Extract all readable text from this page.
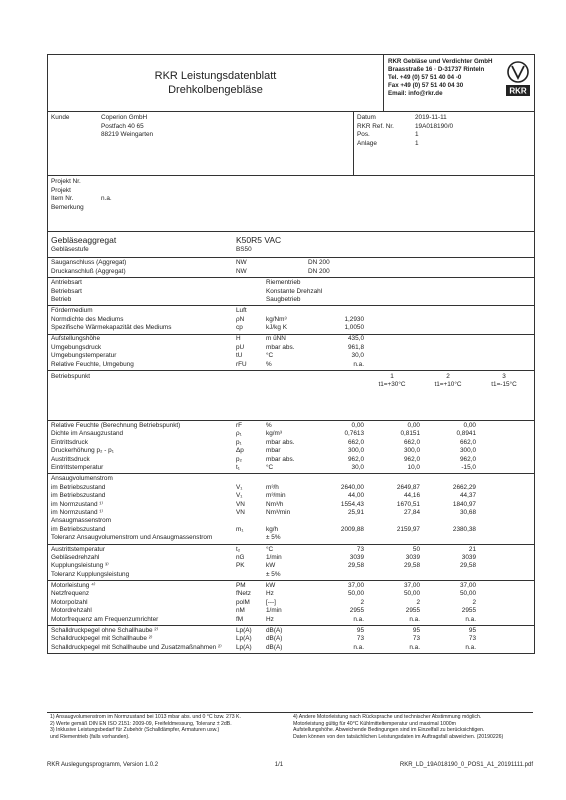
RKR Leistungsdatenblatt
Drehkolbengebläse
RKR Gebläse und Verdichter GmbH
Braasstraße 16 · D-31737 Rinteln
Tel. +49 (0) 57 51 40 04 -0
Fax +49 (0) 57 51 40 04 30
Email: info@rkr.de	RKR
Kunde	Coperion GmbH
Postfach 40 65
88219 Weingarten
Datum	2019-11-11
RKR Ref. Nr.	19A018190/0
Pos.	1
Anlage	1
Projekt Nr.
Projekt
Item Nr.	n.a.
Bemerkung
Gebläseaggregat	K50R5 VAC
Gebläsestufe	BS50
Sauganschluss (Aggregat)	NW	DN 200
Druckanschluß (Aggregat)	NW	DN 200
Antriebsart	Riementrieb
Betriebsart	Konstante Drehzahl
Betrieb	Saugbetrieb
Fördermedium	Luft
Normdichte des Mediums	ρN	kg/Nm³	1,2930
Spezifische Wärmekapazität des Mediums	cp	kJ/kg K	1,0050
Aufstellungshöhe	H	m üNN	435,0
Umgebungsdruck	pU	mbar abs.	961,8
Umgebungstemperatur	tU	°C	30,0
Relative Feuchte, Umgebung	rFU	%	n.a.
Betriebspunkt	1	2	3
t1=+30°C	t1=+10°C	t1=-15°C
Relative Feuchte (Berechnung Betriebspunkt)	rF	%	0,00	0,00	0,00
Dichte im Ansaugzustand	ρ₁	kg/m³	0,7613	0,8151	0,8941
Eintrittsdruck	p₁	mbar abs.	662,0	662,0	662,0
Druckerhöhung p₂ - p₁	Δp	mbar	300,0	300,0	300,0
Austrittsdruck	p₂	mbar abs.	962,0	962,0	962,0
Eintrittstemperatur	t₁	°C	30,0	10,0	-15,0
Ansaugvolumenstrom
im Betriebszustand	V₁	m³/h	2640,00	2649,87	2662,29
im Betriebszustand	V₁	m³/min	44,00	44,16	44,37
im Normzustand ¹⁾	VN	Nm³/h	1554,43	1670,51	1840,97
im Normzustand ¹⁾	VN	Nm³/min	25,91	27,84	30,68
Ansaugmassenstrom
im Betriebszustand	m₁	kg/h	2009,88	2159,97	2380,38
Toleranz Ansaugvolumenstrom und Ansaugmassenstrom	± 5%
Austrittstemperatur	t₂	°C	73	50	21
Gebläsedrehzahl	nG	1/min	3039	3039	3039
Kupplungsleistung ³⁾	PK	kW	29,58	29,58	29,58
Toleranz Kupplungsleistung	± 5%
Motorleistung ⁴⁾	PM	kW	37,00	37,00	37,00
Netzfrequenz	fNetz	Hz	50,00	50,00	50,00
Motorpolzahl	polM	[---]	2	2	2
Motordrehzahl	nM	1/min	2955	2955	2955
Motorfrequenz am Frequenzumrichter	fM	Hz	n.a.	n.a.	n.a.
Schalldruckpegel ohne Schallhaube ²⁾	Lp(A)	dB(A)	95	95	95
Schalldruckpegel mit Schallhaube ²⁾	Lp(A)	dB(A)	73	73	73
Schalldruckpegel mit Schallhaube und Zusatzmaßnahmen ²⁾	Lp(A)	dB(A)	n.a.	n.a.	n.a.
1) Ansaugvolumenstrom im Normzustand bei 1013 mbar abs. und 0 °C bzw. 273 K.
2) Werte gemäß DIN EN ISO 2151: 2009-09, Freifeldmessung, Toleranz ± 2dB.
3) Inklusive Leistungsbedarf für Zubehör (Schalldämpfer, Armaturen usw.)
und Riementrieb (falls vorhanden).
4) Andere Motorleistung nach Rücksprache und technischer Abstimmung möglich.
Motorleistung gültig für 40°C Kühlmitteltemperatur und maximal 1000m
Aufstellungshöhe. Abweichende Bedingungen sind im Einzelfall zu berücksichtigen.
Daten können von den tatsächlichen Leistungsdaten im Auftragsfall abweichen. (20190226)
RKR Auslegungsprogramm, Version 1.0.2	1/1	RKR_LD_19A018190_0_POS1_A1_20191111.pdf
